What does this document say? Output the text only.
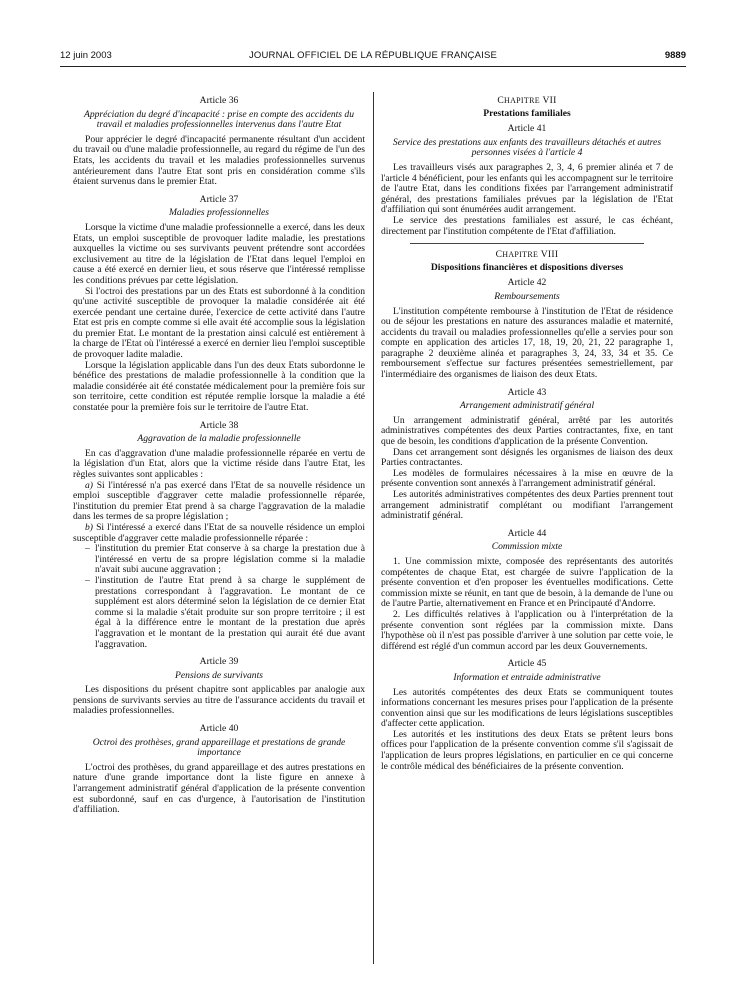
12 juin 2003	JOURNAL OFFICIEL DE LA RÉPUBLIQUE FRANÇAISE	9889
Article 36
Appréciation du degré d'incapacité : prise en compte des accidents du travail et maladies professionnelles intervenus dans l'autre Etat

Pour apprécier le degré d'incapacité permanente résultant d'un accident du travail ou d'une maladie professionnelle, au regard du régime de l'un des Etats, les accidents du travail et les maladies professionnelles survenus antérieurement dans l'autre Etat sont pris en considération comme s'ils étaient survenus dans le premier Etat.

Article 37
Maladies professionnelles

Lorsque la victime d'une maladie professionnelle a exercé, dans les deux Etats, un emploi susceptible de provoquer ladite maladie, les prestations auxquelles la victime ou ses survivants peuvent prétendre sont accordées exclusivement au titre de la législation de l'Etat dans lequel l'emploi en cause a été exercé en dernier lieu, et sous réserve que l'intéressé remplisse les conditions prévues par cette législation.

Si l'octroi des prestations par un des Etats est subordonné à la condition qu'une activité susceptible de provoquer la maladie considérée ait été exercée pendant une certaine durée, l'exercice de cette activité dans l'autre Etat est pris en compte comme si elle avait été accomplie sous la législation du premier Etat. Le montant de la prestation ainsi calculé est entièrement à la charge de l'Etat où l'intéressé a exercé en dernier lieu l'emploi susceptible de provoquer ladite maladie.

Lorsque la législation applicable dans l'un des deux Etats subordonne le bénéfice des prestations de maladie professionnelle à la condition que la maladie considérée ait été constatée médicalement pour la première fois sur son territoire, cette condition est réputée remplie lorsque la maladie a été constatée pour la première fois sur le territoire de l'autre Etat.

Article 38
Aggravation de la maladie professionnelle

En cas d'aggravation d'une maladie professionnelle réparée en vertu de la législation d'un Etat, alors que la victime réside dans l'autre Etat, les règles suivantes sont applicables :

a) Si l'intéressé n'a pas exercé dans l'Etat de sa nouvelle résidence un emploi susceptible d'aggraver cette maladie professionnelle réparée, l'institution du premier Etat prend à sa charge l'aggravation de la maladie dans les termes de sa propre législation ;

b) Si l'intéressé a exercé dans l'Etat de sa nouvelle résidence un emploi susceptible d'aggraver cette maladie professionnelle réparée :

– l'institution du premier Etat conserve à sa charge la prestation due à l'intéressé en vertu de sa propre législation comme si la maladie n'avait subi aucune aggravation ;
– l'institution de l'autre Etat prend à sa charge le supplément de prestations correspondant à l'aggravation. Le montant de ce supplément est alors déterminé selon la législation de ce dernier Etat comme si la maladie s'était produite sur son propre territoire ; il est égal à la différence entre le montant de la prestation due après l'aggravation et le montant de la prestation qui aurait été due avant l'aggravation.
Article 39
Pensions de survivants

Les dispositions du présent chapitre sont applicables par analogie aux pensions de survivants servies au titre de l'assurance accidents du travail et maladies professionnelles.

Article 40
Octroi des prothèses, grand appareillage et prestations de grande importance

L'octroi des prothèses, du grand appareillage et des autres prestations en nature d'une grande importance dont la liste figure en annexe à l'arrangement administratif général d'application de la présente convention est subordonné, sauf en cas d'urgence, à l'autorisation de l'institution d'affiliation.

CHAPITRE VII
Prestations familiales
Article 41
Service des prestations aux enfants des travailleurs détachés et autres personnes visées à l'article 4

Les travailleurs visés aux paragraphes 2, 3, 4, 6 premier alinéa et 7 de l'article 4 bénéficient, pour les enfants qui les accompagnent sur le territoire de l'autre Etat, dans les conditions fixées par l'arrangement administratif général, des prestations familiales prévues par la législation de l'Etat d'affiliation qui sont énumérées audit arrangement.

Le service des prestations familiales est assuré, le cas échéant, directement par l'institution compétente de l'Etat d'affiliation.

CHAPITRE VIII
Dispositions financières et dispositions diverses
Article 42
Remboursements

L'institution compétente rembourse à l'institution de l'Etat de résidence ou de séjour les prestations en nature des assurances maladie et maternité, accidents du travail ou maladies professionnelles qu'elle a servies pour son compte en application des articles 17, 18, 19, 20, 21, 22 paragraphe 1, paragraphe 2 deuxième alinéa et paragraphes 3, 24, 33, 34 et 35. Ce remboursement s'effectue sur factures présentées semestriellement, par l'intermédiaire des organismes de liaison des deux Etats.

Article 43
Arrangement administratif général

Un arrangement administratif général, arrêté par les autorités administratives compétentes des deux Parties contractantes, fixe, en tant que de besoin, les conditions d'application de la présente Convention.

Dans cet arrangement sont désignés les organismes de liaison des deux Parties contractantes.

Les modèles de formulaires nécessaires à la mise en œuvre de la présente convention sont annexés à l'arrangement administratif général.

Les autorités administratives compétentes des deux Parties prennent tout arrangement administratif complétant ou modifiant l'arrangement administratif général.

Article 44
Commission mixte

1. Une commission mixte, composée des représentants des autorités compétentes de chaque Etat, est chargée de suivre l'application de la présente convention et d'en proposer les éventuelles modifications. Cette commission mixte se réunit, en tant que de besoin, à la demande de l'une ou de l'autre Partie, alternativement en France et en Principauté d'Andorre.

2. Les difficultés relatives à l'application ou à l'interprétation de la présente convention sont réglées par la commission mixte. Dans l'hypothèse où il n'est pas possible d'arriver à une solution par cette voie, le différend est réglé d'un commun accord par les deux Gouvernements.

Article 45
Information et entraide administrative

Les autorités compétentes des deux Etats se communiquent toutes informations concernant les mesures prises pour l'application de la présente convention ainsi que sur les modifications de leurs législations susceptibles d'affecter cette application.

Les autorités et les institutions des deux Etats se prêtent leurs bons offices pour l'application de la présente convention comme s'il s'agissait de l'application de leurs propres législations, en particulier en ce qui concerne le contrôle médical des bénéficiaires de la présente convention.
